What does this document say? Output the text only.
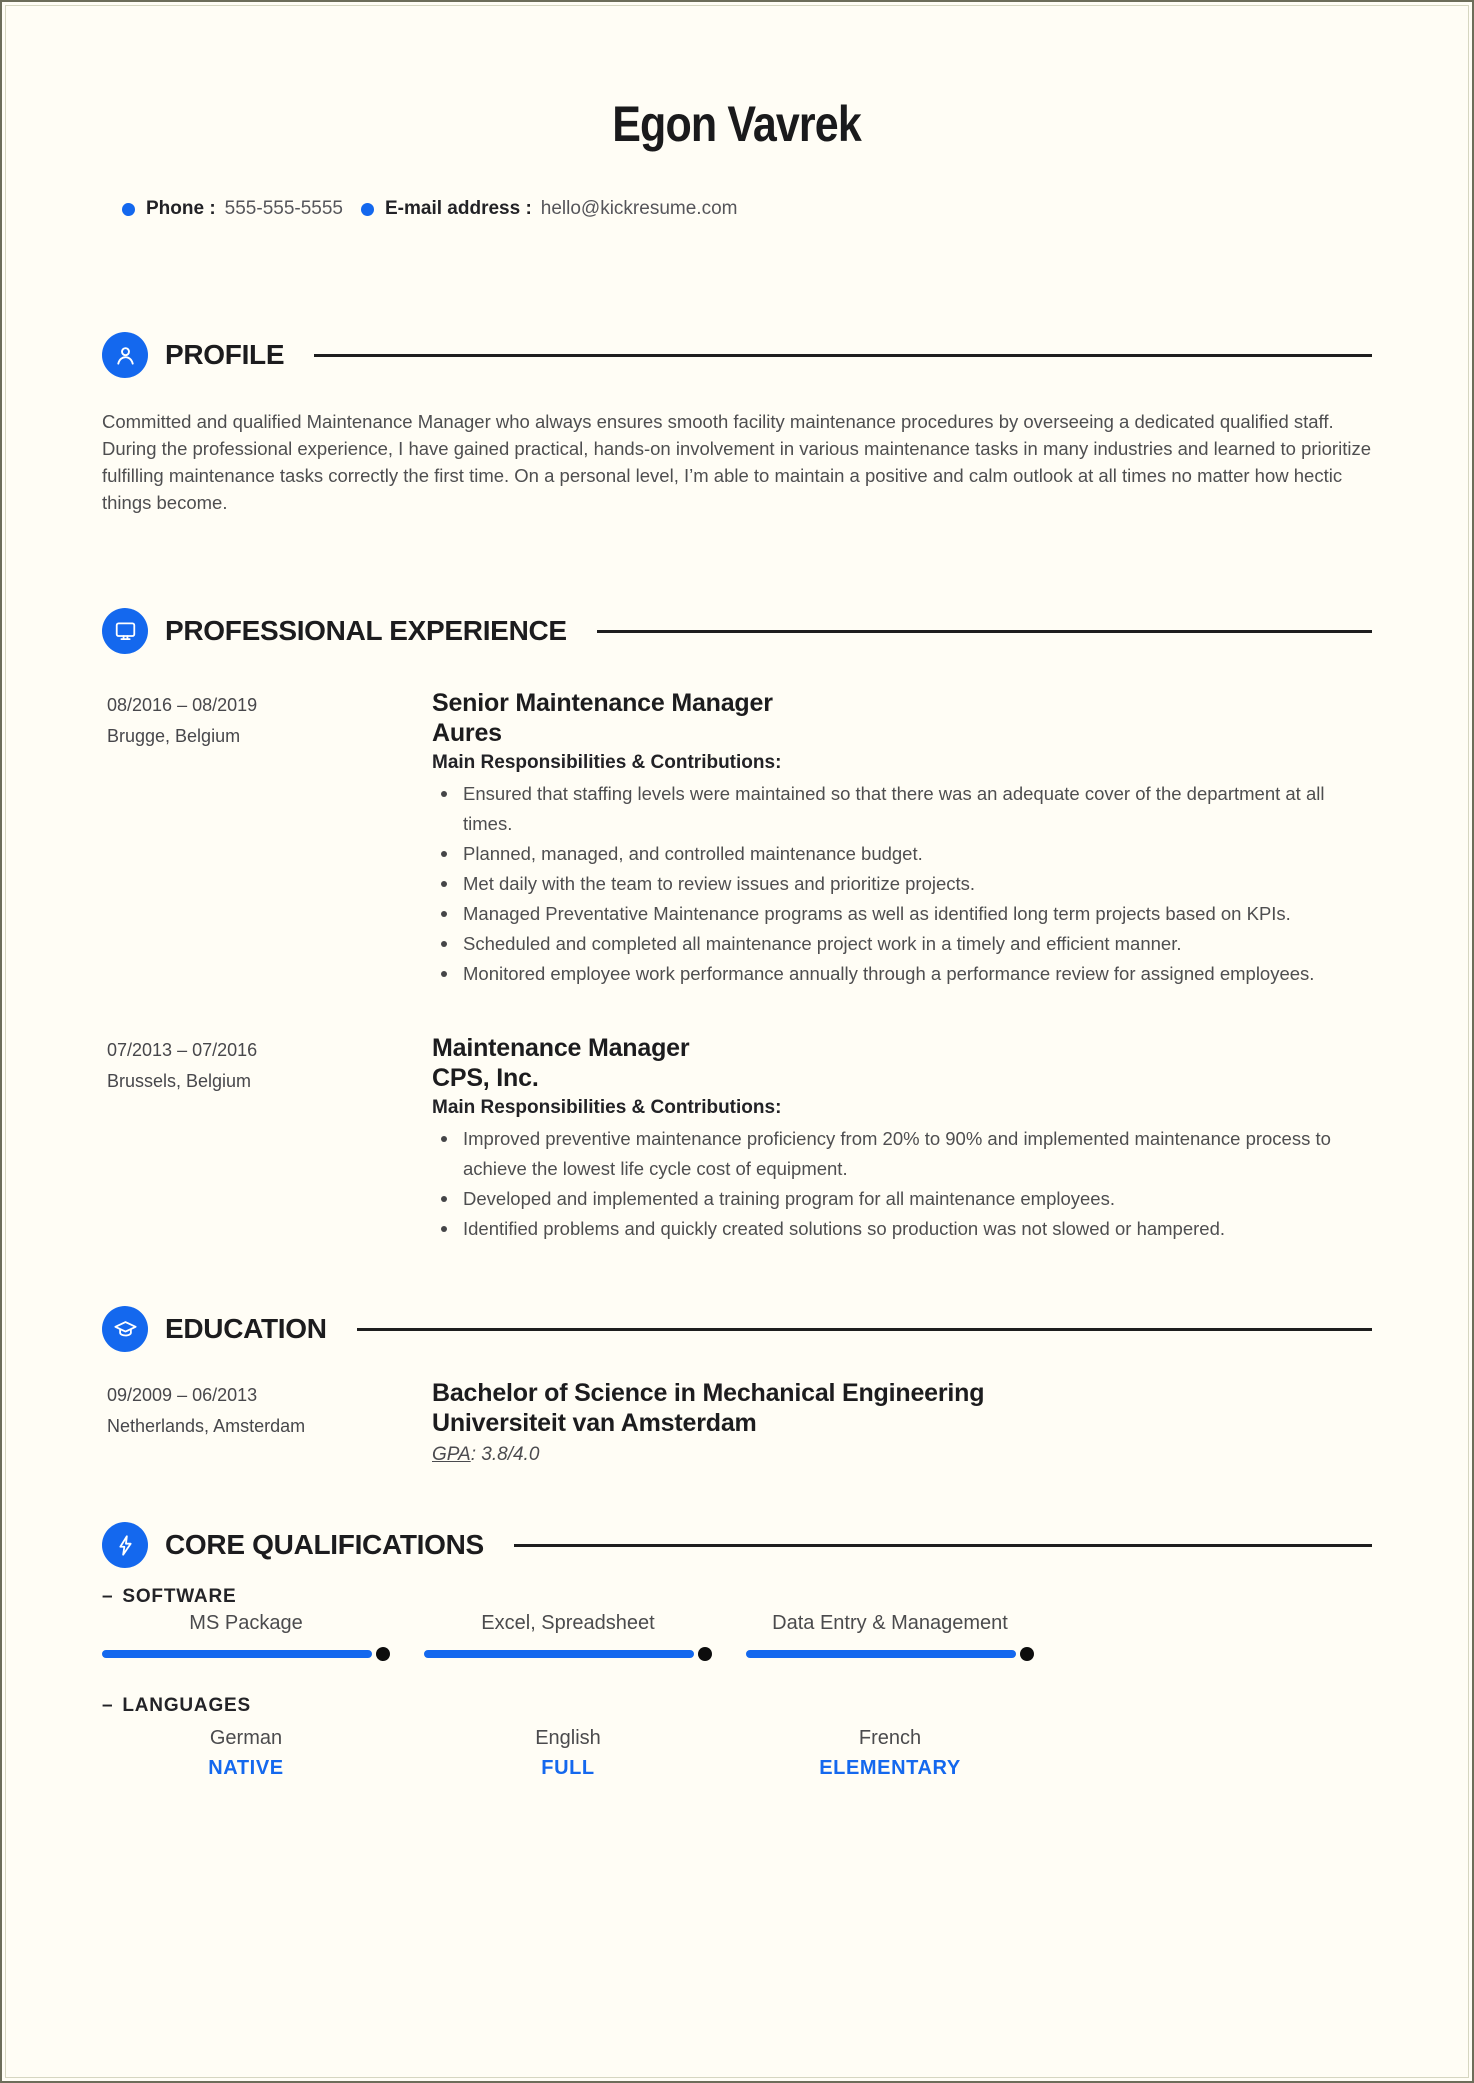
Egon Vavrek
Phone : 555-555-5555 E-mail address : hello@kickresume.com
PROFILE

Committed and qualified Maintenance Manager who always ensures smooth facility maintenance procedures by overseeing a dedicated qualified staff. During the professional experience, I have gained practical, hands-on involvement in various maintenance tasks in many industries and learned to prioritize fulfilling maintenance tasks correctly the first time. On a personal level, I’m able to maintain a positive and calm outlook at all times no matter how hectic things become.

PROFESSIONAL EXPERIENCE
08/2016 – 08/2019
Brugge, Belgium
Senior Maintenance Manager
Aures
Main Responsibilities & Contributions:
Ensured that staffing levels were maintained so that there was an adequate cover of the department at all times.
Planned, managed, and controlled maintenance budget.
Met daily with the team to review issues and prioritize projects.
Managed Preventative Maintenance programs as well as identified long term projects based on KPIs.
Scheduled and completed all maintenance project work in a timely and efficient manner.
Monitored employee work performance annually through a performance review for assigned employees.
07/2013 – 07/2016
Brussels, Belgium
Maintenance Manager
CPS, Inc.
Main Responsibilities & Contributions:
Improved preventive maintenance proficiency from 20% to 90% and implemented maintenance process to achieve the lowest life cycle cost of equipment.
Developed and implemented a training program for all maintenance employees.
Identified problems and quickly created solutions so production was not slowed or hampered.
EDUCATION
09/2009 – 06/2013
Netherlands, Amsterdam
Bachelor of Science in Mechanical Engineering
Universiteit van Amsterdam
GPA: 3.8/4.0
CORE QUALIFICATIONS
– SOFTWARE
MS Package	Excel, Spreadsheet	Data Entry & Management
– LANGUAGES
German
NATIVE
English
FULL
French
ELEMENTARY
